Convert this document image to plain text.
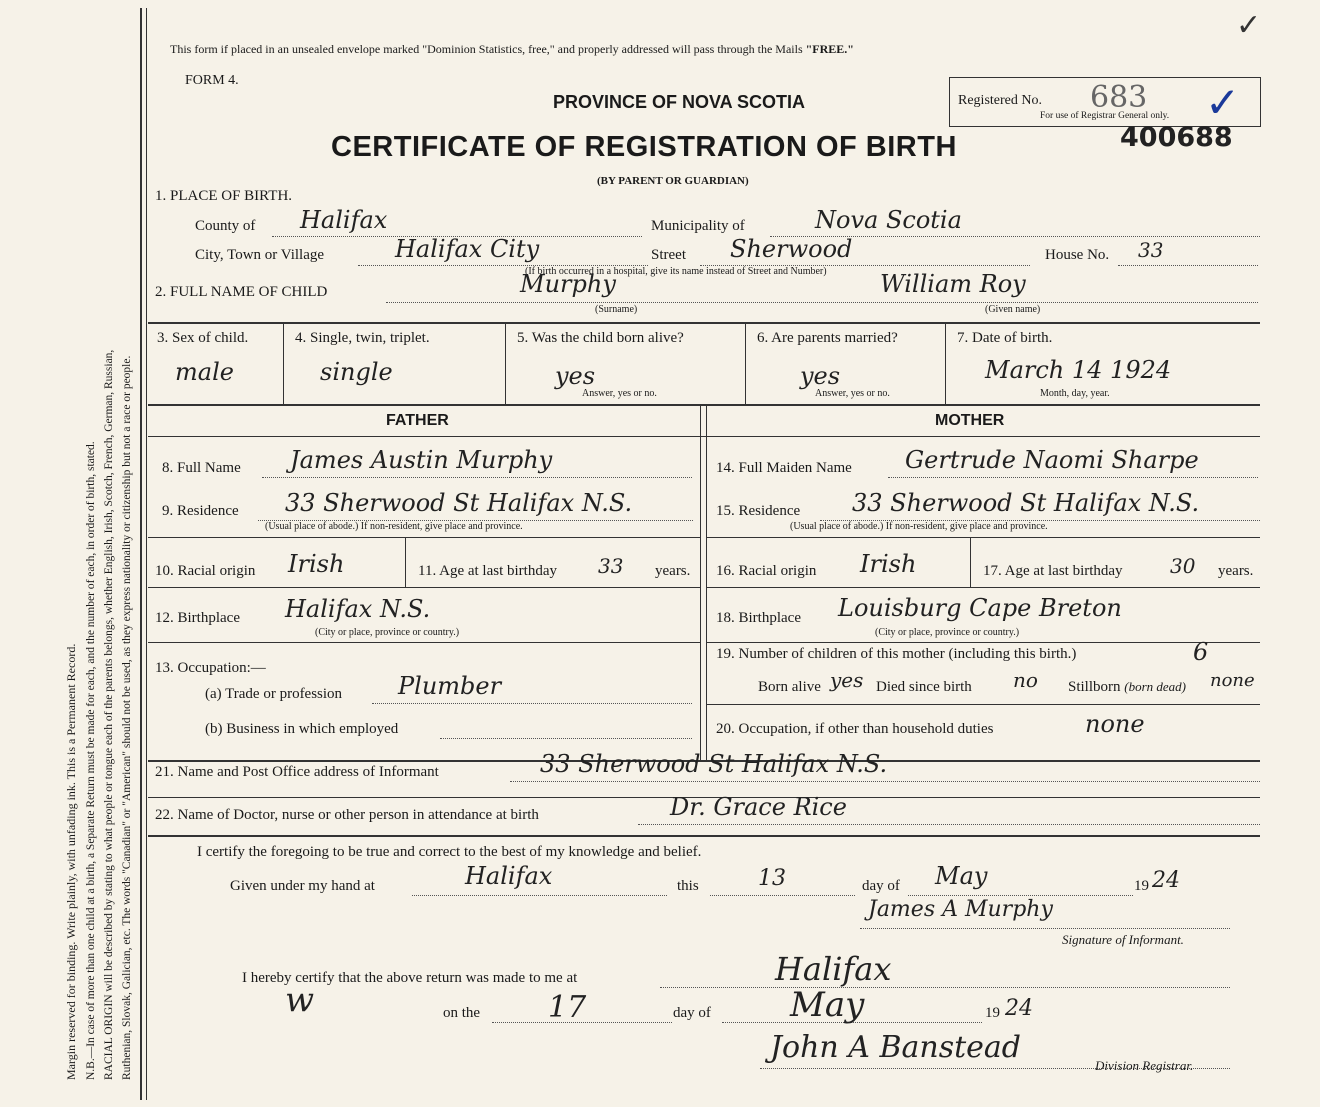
Margin reserved for binding. Write plainly, with unfading ink. This is a Permanent Record. N.B.—In case of more than one child at a birth, a Separate Return must be made for each, and the number of each, in order of birth, stated. RACIAL ORIGIN will be described by stating to what people or tongue each of the parents belongs, whether English, Irish, Scotch, French, German, Russian, Ruthenian, Slovak, Galician, etc. The words "Canadian" or "American" should not be used, as they express nationality or citizenship but not a race or people.
This form if placed in an unsealed envelope marked "Dominion Statistics, free," and properly addressed will pass through the Mails "FREE."
FORM 4.
PROVINCE OF NOVA SCOTIA
CERTIFICATE OF REGISTRATION OF BIRTH
(BY PARENT OR GUARDIAN)
Registered No. 683
For use of Registrar General only. ✓
400688
✓
1. PLACE OF BIRTH.
County of Halifax	Municipality of	Nova Scotia
City, Town or Village	Halifax City	Street Sherwood	House No. 33
(If birth occurred in a hospital, give its name instead of Street and Number)
2. FULL NAME OF CHILD	Murphy	William Roy
(Surname)	(Given name)
3. Sex of child.
male
4. Single, twin, triplet.
single
5. Was the child born alive?
yes
Answer, yes or no.
6. Are parents married?
yes
Answer, yes or no.
7. Date of birth.
March 14 1924
Month, day, year.
FATHER	MOTHER
8. Full Name James Austin Murphy
9. Residence 33 Sherwood St Halifax N.S.
(Usual place of abode.) If non-resident, give place and province.
10. Racial origin Irish	11. Age at last birthday 33 years.
12. Birthplace Halifax N.S.
(City or place, province or country.)
13. Occupation:—
(a) Trade or profession Plumber
(b) Business in which employed
14. Full Maiden Name Gertrude Naomi Sharpe
15. Residence 33 Sherwood St Halifax N.S.
(Usual place of abode.) If non-resident, give place and province.
16. Racial origin Irish	17. Age at last birthday 30 years.
18. Birthplace Louisburg Cape Breton
(City or place, province or country.)
19. Number of children of this mother (including this birth.)	6
Born alive yes Died since birth no Stillborn (born dead) none
20. Occupation, if other than household duties	none
21. Name and Post Office address of Informant	33 Sherwood St Halifax N.S.
22. Name of Doctor, nurse or other person in attendance at birth	Dr. Grace Rice
I certify the foregoing to be true and correct to the best of my knowledge and belief.
Given under my hand at	Halifax	this	13	day of May	19 24
James A Murphy
Signature of Informant.
I hereby certify that the above return was made to me at	Halifax
w	on the 17	day of May	19 24
John A Banstead
Division Registrar.
